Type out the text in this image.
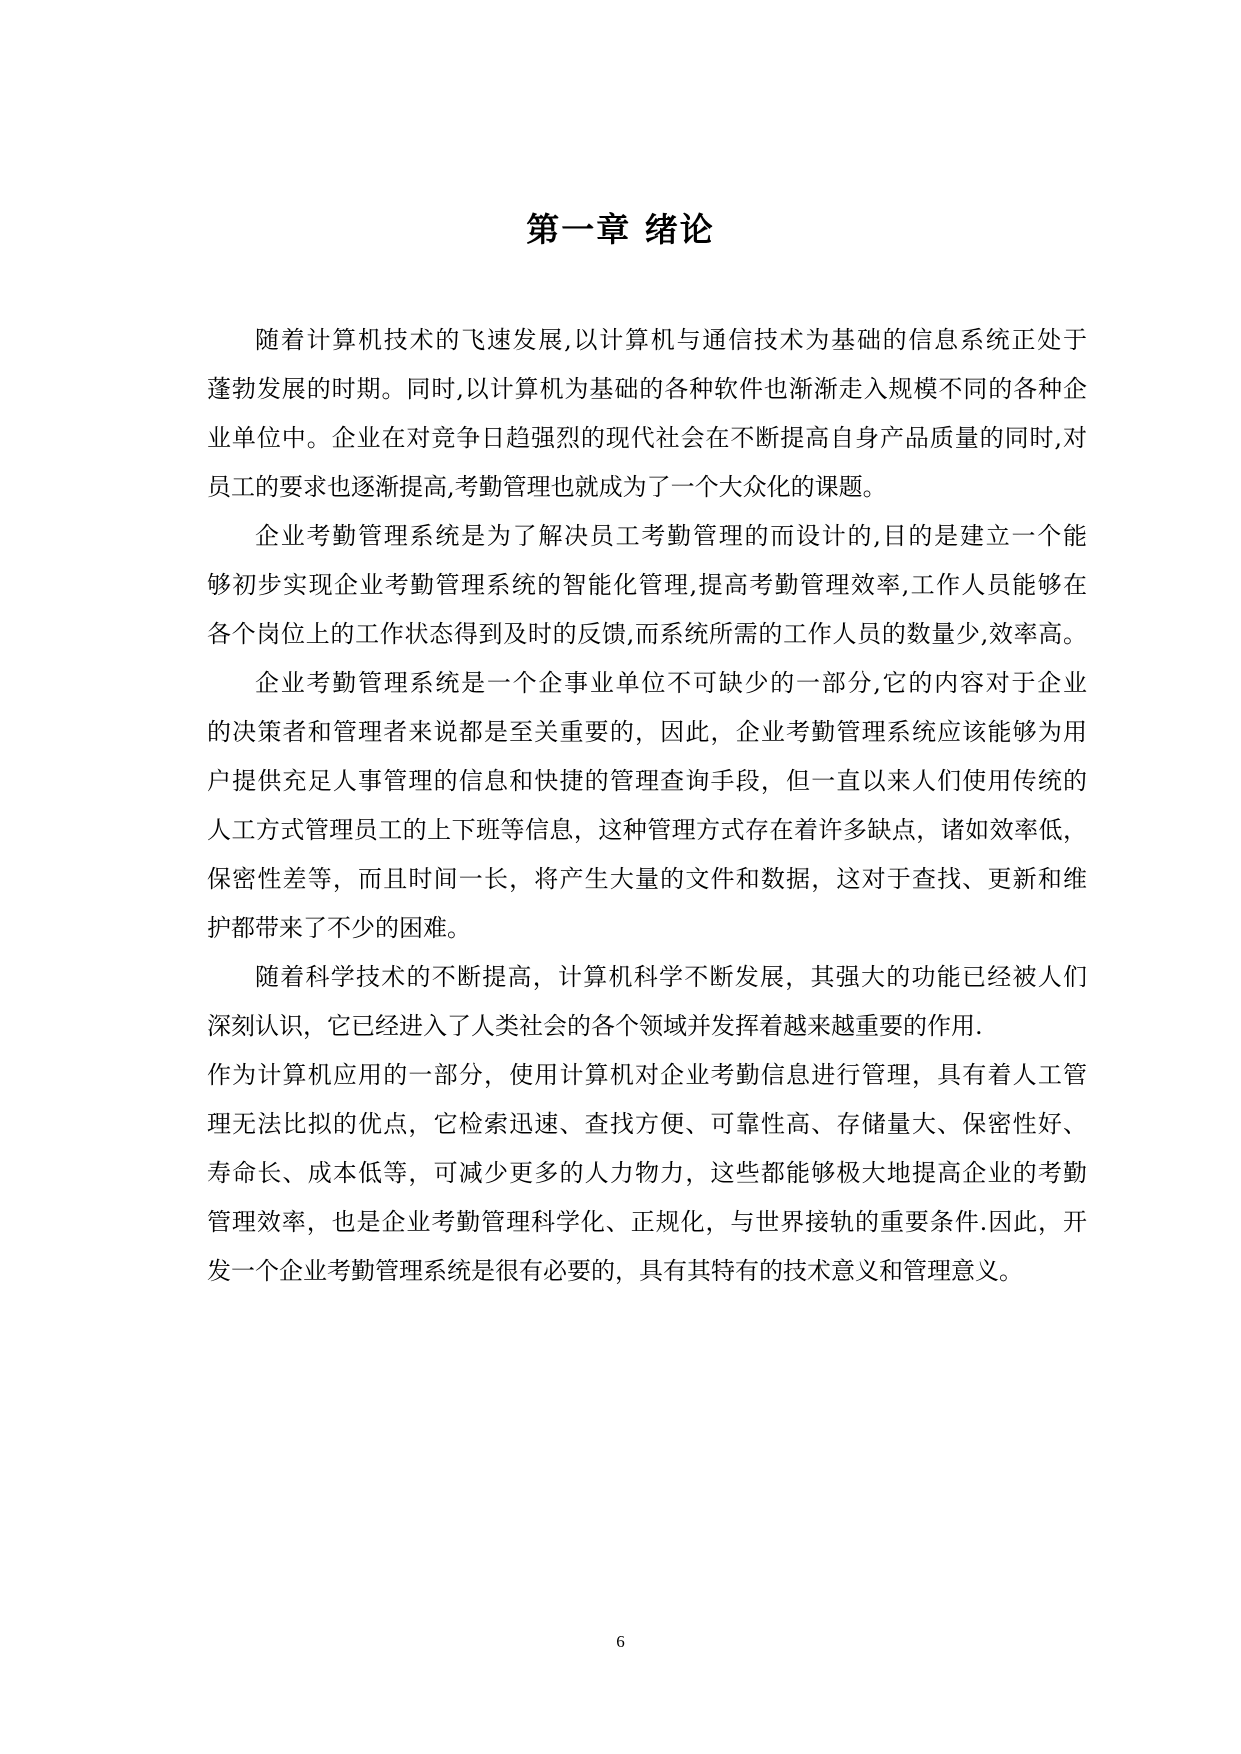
第一章 绪论
随着计算机技术的飞速发展,以计算机与通信技术为基础的信息系统正处于
蓬勃发展的时期。同时,以计算机为基础的各种软件也渐渐走入规模不同的各种企
业单位中。企业在对竞争日趋强烈的现代社会在不断提高自身产品质量的同时,对
员工的要求也逐渐提高,考勤管理也就成为了一个大众化的课题。
企业考勤管理系统是为了解决员工考勤管理的而设计的,目的是建立一个能
够初步实现企业考勤管理系统的智能化管理,提高考勤管理效率,工作人员能够在
各个岗位上的工作状态得到及时的反馈,而系统所需的工作人员的数量少,效率高。
企业考勤管理系统是一个企事业单位不可缺少的一部分,它的内容对于企业
的决策者和管理者来说都是至关重要的，因此，企业考勤管理系统应该能够为用
户提供充足人事管理的信息和快捷的管理查询手段，但一直以来人们使用传统的
人工方式管理员工的上下班等信息，这种管理方式存在着许多缺点，诸如效率低，
保密性差等，而且时间一长，将产生大量的文件和数据，这对于查找、更新和维
护都带来了不少的困难。
随着科学技术的不断提高，计算机科学不断发展，其强大的功能已经被人们
深刻认识，它已经进入了人类社会的各个领域并发挥着越来越重要的作用.
作为计算机应用的一部分，使用计算机对企业考勤信息进行管理，具有着人工管
理无法比拟的优点，它检索迅速、查找方便、可靠性高、存储量大、保密性好、
寿命长、成本低等，可减少更多的人力物力，这些都能够极大地提高企业的考勤
管理效率，也是企业考勤管理科学化、正规化，与世界接轨的重要条件.因此，开
发一个企业考勤管理系统是很有必要的，具有其特有的技术意义和管理意义。
6
